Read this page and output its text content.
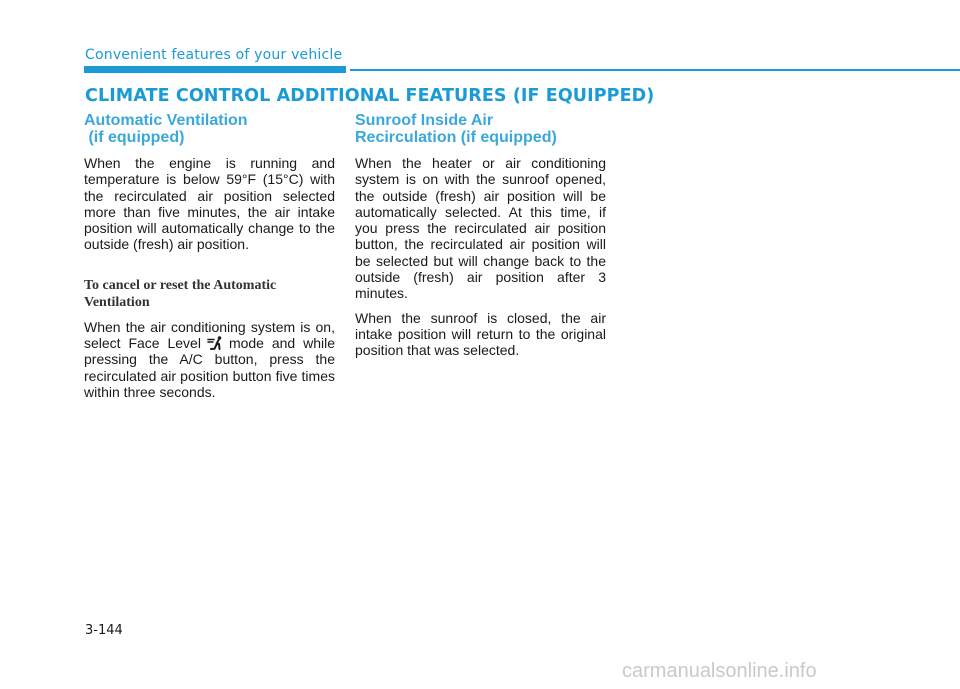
Convenient features of your vehicle
CLIMATE CONTROL ADDITIONAL FEATURES (IF EQUIPPED)
Automatic Ventilation
(if equipped)

When the engine is running and temperature is below 59°F (15°C) with the recirculated air position selected more than five minutes, the air intake position will automatically change to the outside (fresh) air position.

To cancel or reset the Automatic Ventilation

When the air conditioning system is on, select Face Level mode and while pressing the A/C button, press the recirculated air position button five times within three seconds.

Sunroof Inside Air
Recirculation (if equipped)

When the heater or air conditioning system is on with the sunroof opened, the outside (fresh) air position will be automatically selected. At this time, if you press the recirculated air position button, the recirculated air position will be selected but will change back to the outside (fresh) air position after 3 minutes.

When the sunroof is closed, the air intake position will return to the original position that was selected.

3-144
carmanualsonline.info
